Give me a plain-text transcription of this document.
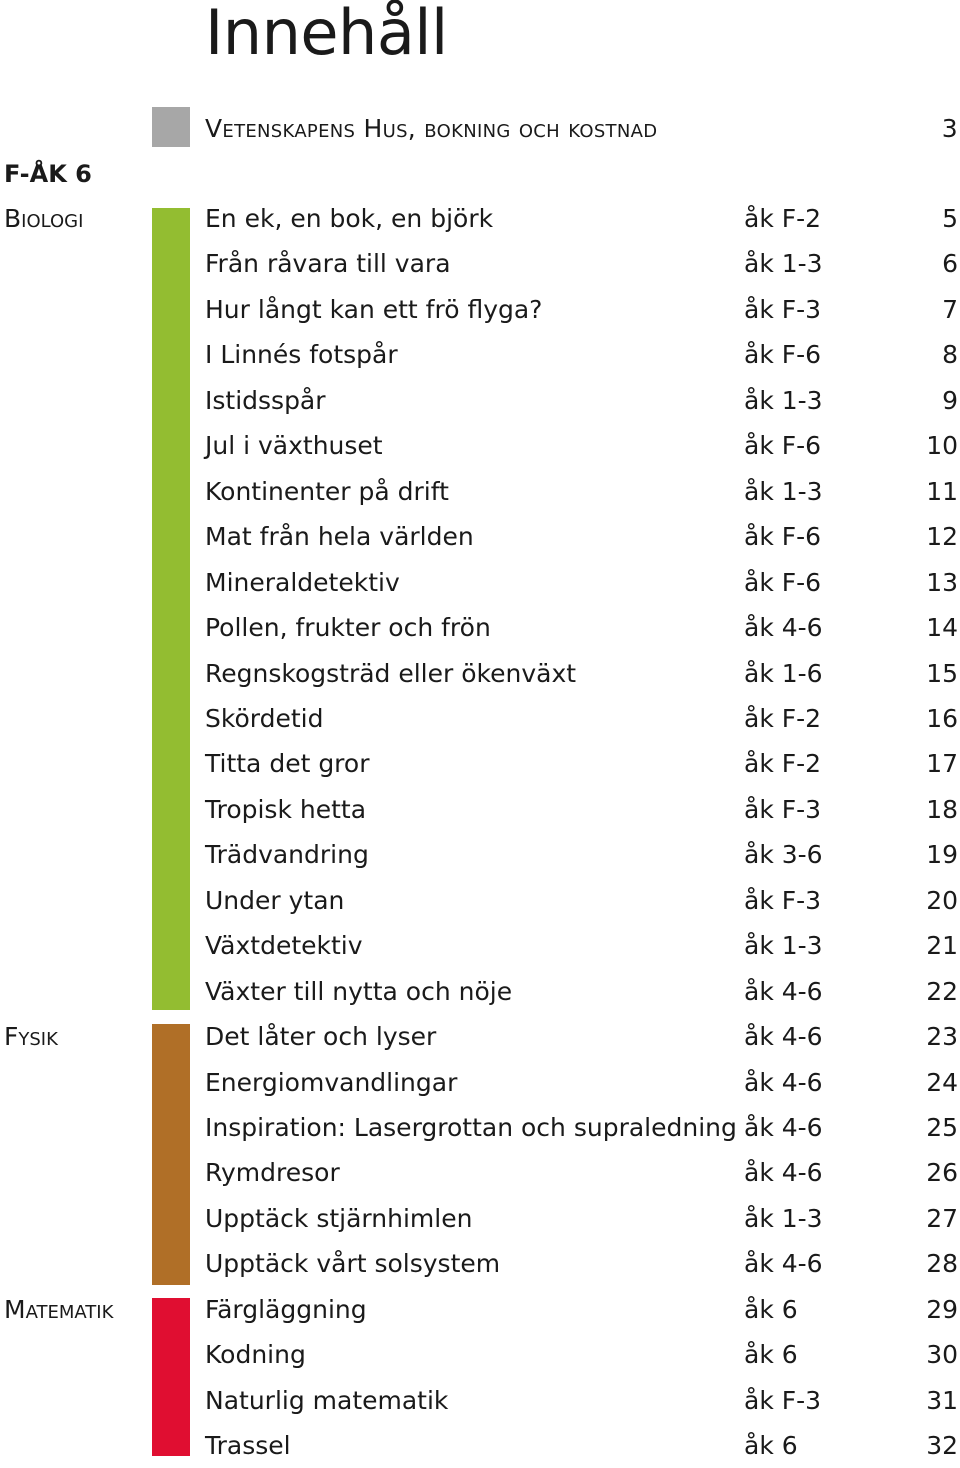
Innehåll
Vetenskapens Hus, bokning och kostnad	3
F-ÅK 6
Biologi
Fysik
Matematik
En ek, en bok, en björk	åk F-2	5
Från råvara till vara	åk 1-3	6
Hur långt kan ett frö flyga?	åk F-3	7
I Linnés fotspår	åk F-6	8
Istidsspår	åk 1-3	9
Jul i växthuset	åk F-6	10
Kontinenter på drift	åk 1-3	11
Mat från hela världen	åk F-6	12
Mineraldetektiv	åk F-6	13
Pollen, frukter och frön	åk 4-6	14
Regnskogsträd eller ökenväxt	åk 1-6	15
Skördetid	åk F-2	16
Titta det gror	åk F-2	17
Tropisk hetta	åk F-3	18
Trädvandring	åk 3-6	19
Under ytan	åk F-3	20
Växtdetektiv	åk 1-3	21
Växter till nytta och nöje	åk 4-6	22
Det låter och lyser	åk 4-6	23
Energiomvandlingar	åk 4-6	24
Inspiration: Lasergrottan och supraledning åk 4-6	25
Rymdresor	åk 4-6	26
Upptäck stjärnhimlen	åk 1-3	27
Upptäck vårt solsystem	åk 4-6	28
Färgläggning	åk 6	29
Kodning	åk 6	30
Naturlig matematik	åk F-3	31
Trassel	åk 6	32
